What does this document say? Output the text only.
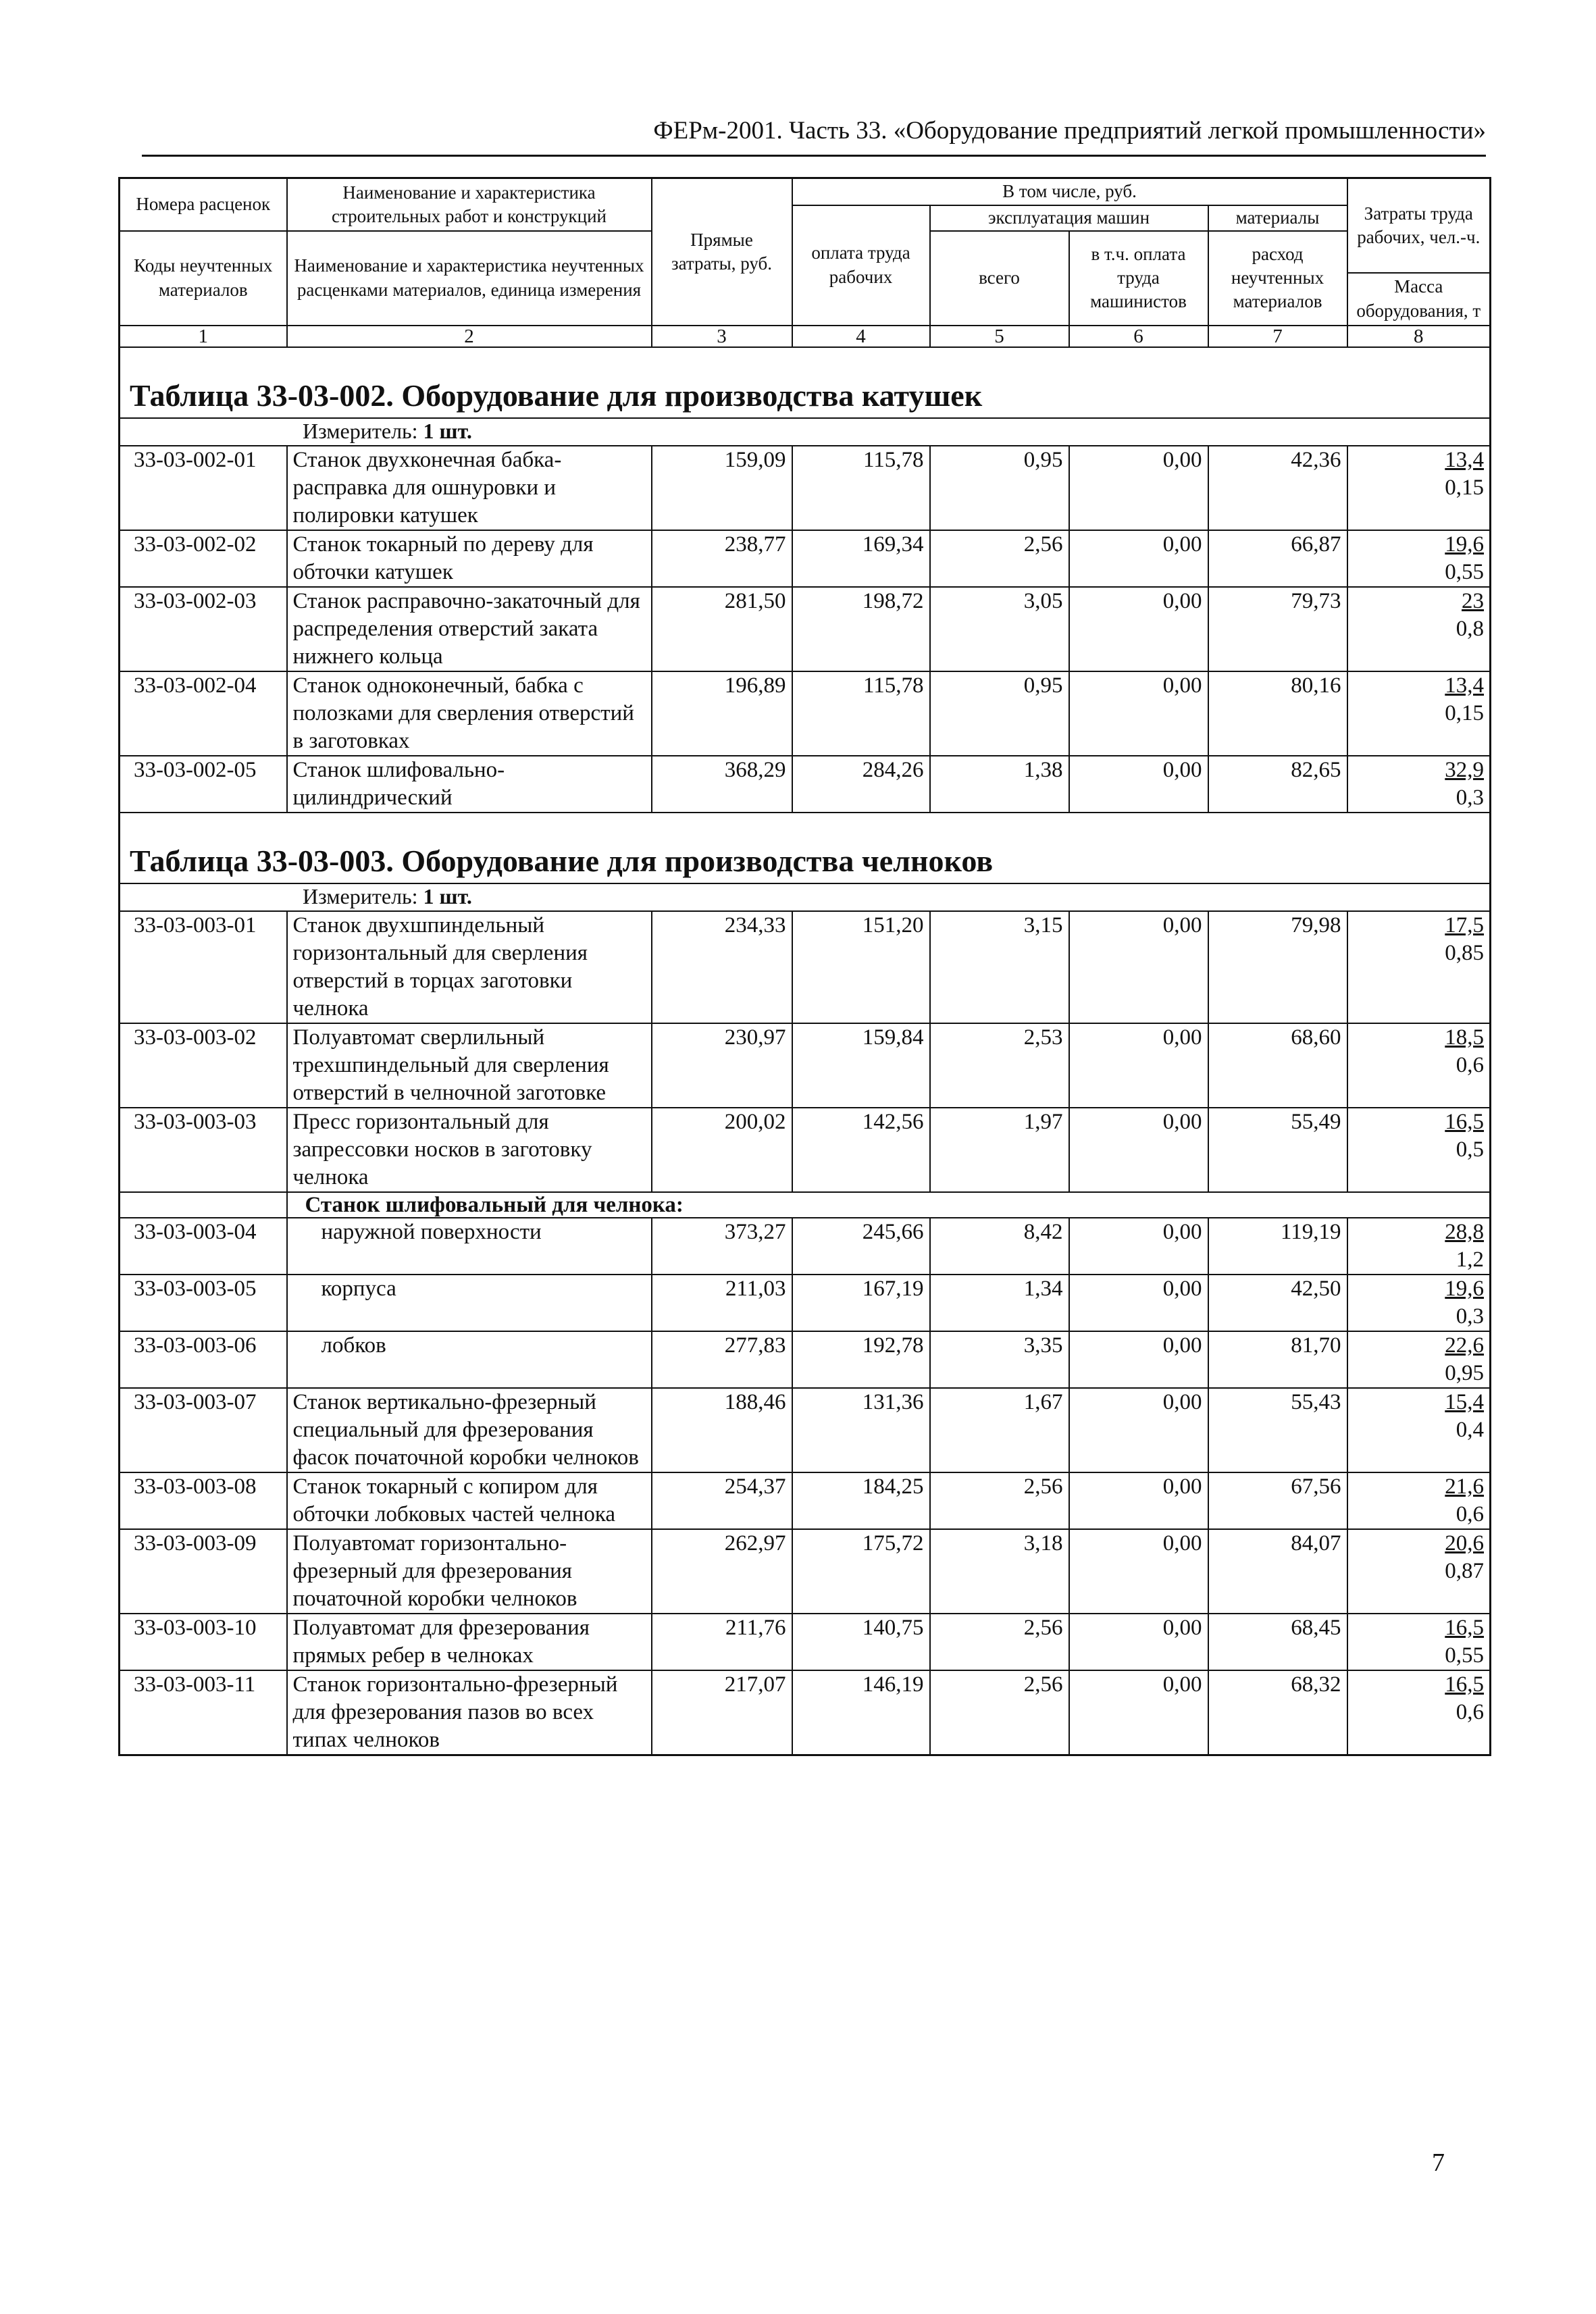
ФЕРм-2001. Часть 33. «Оборудование предприятий легкой промышленности»
Номера расценок	Наименование и характеристика строительных работ и конструкций	Прямые затраты, руб.	В том числе, руб.				Затраты труда рабочих, чел.-ч.
			оплата труда рабочих	эксплуатация машин		материалы	
Коды неучтенных материалов	Наименование и характеристика неучтенных расценками материалов, единица измерения			всего	в т.ч. оплата труда машинистов	расход неучтенных материалов	
							Масса оборудования, т
1	2	3	4	5	6	7	8
Таблица 33-03-002. Оборудование для производства катушек							
Измеритель: 1 шт.							
33-03-002-01	Станок двухконечная бабка-расправка для ошнуровки и полировки катушек	159,09	115,78	0,95	0,00	42,36	13,4
0,15

33-03-002-02	Станок токарный по дереву для обточки катушек	238,77	169,34	2,56	0,00	66,87	19,6
0,55

33-03-002-03	Станок расправочно-закаточный для распределения отверстий заката нижнего кольца	281,50	198,72	3,05	0,00	79,73	23
0,8

33-03-002-04	Станок одноконечный, бабка с полозками для сверления отверстий в заготовках	196,89	115,78	0,95	0,00	80,16	13,4
0,15

33-03-002-05	Станок шлифовально-цилиндрический	368,29	284,26	1,38	0,00	82,65	32,9
0,3

Таблица 33-03-003. Оборудование для производства челноков							
Измеритель: 1 шт.							
33-03-003-01	Станок двухшпиндельный горизонтальный для сверления отверстий в торцах заготовки челнока	234,33	151,20	3,15	0,00	79,98	17,5
0,85

33-03-003-02	Полуавтомат сверлильный трехшпиндельный для сверления отверстий в челночной заготовке	230,97	159,84	2,53	0,00	68,60	18,5
0,6

33-03-003-03	Пресс горизонтальный для запрессовки носков в заготовку челнока	200,02	142,56	1,97	0,00	55,49	16,5
0,5

	Станок шлифовальный для челнока:						
33-03-003-04	наружной поверхности	373,27	245,66	8,42	0,00	119,19	28,8
1,2

33-03-003-05	корпуса	211,03	167,19	1,34	0,00	42,50	19,6
0,3

33-03-003-06	лобков	277,83	192,78	3,35	0,00	81,70	22,6
0,95

33-03-003-07	Станок вертикально-фрезерный специальный для фрезерования фасок початочной коробки челноков	188,46	131,36	1,67	0,00	55,43	15,4
0,4

33-03-003-08	Станок токарный с копиром для обточки лобковых частей челнока	254,37	184,25	2,56	0,00	67,56	21,6
0,6

33-03-003-09	Полуавтомат горизонтально-фрезерный для фрезерования початочной коробки челноков	262,97	175,72	3,18	0,00	84,07	20,6
0,87

33-03-003-10	Полуавтомат для фрезерования прямых ребер в челноках	211,76	140,75	2,56	0,00	68,45	16,5
0,55

33-03-003-11	Станок горизонтально-фрезерный для фрезерования пазов во всех типах челноков	217,07	146,19	2,56	0,00	68,32	16,5
0,6
7
